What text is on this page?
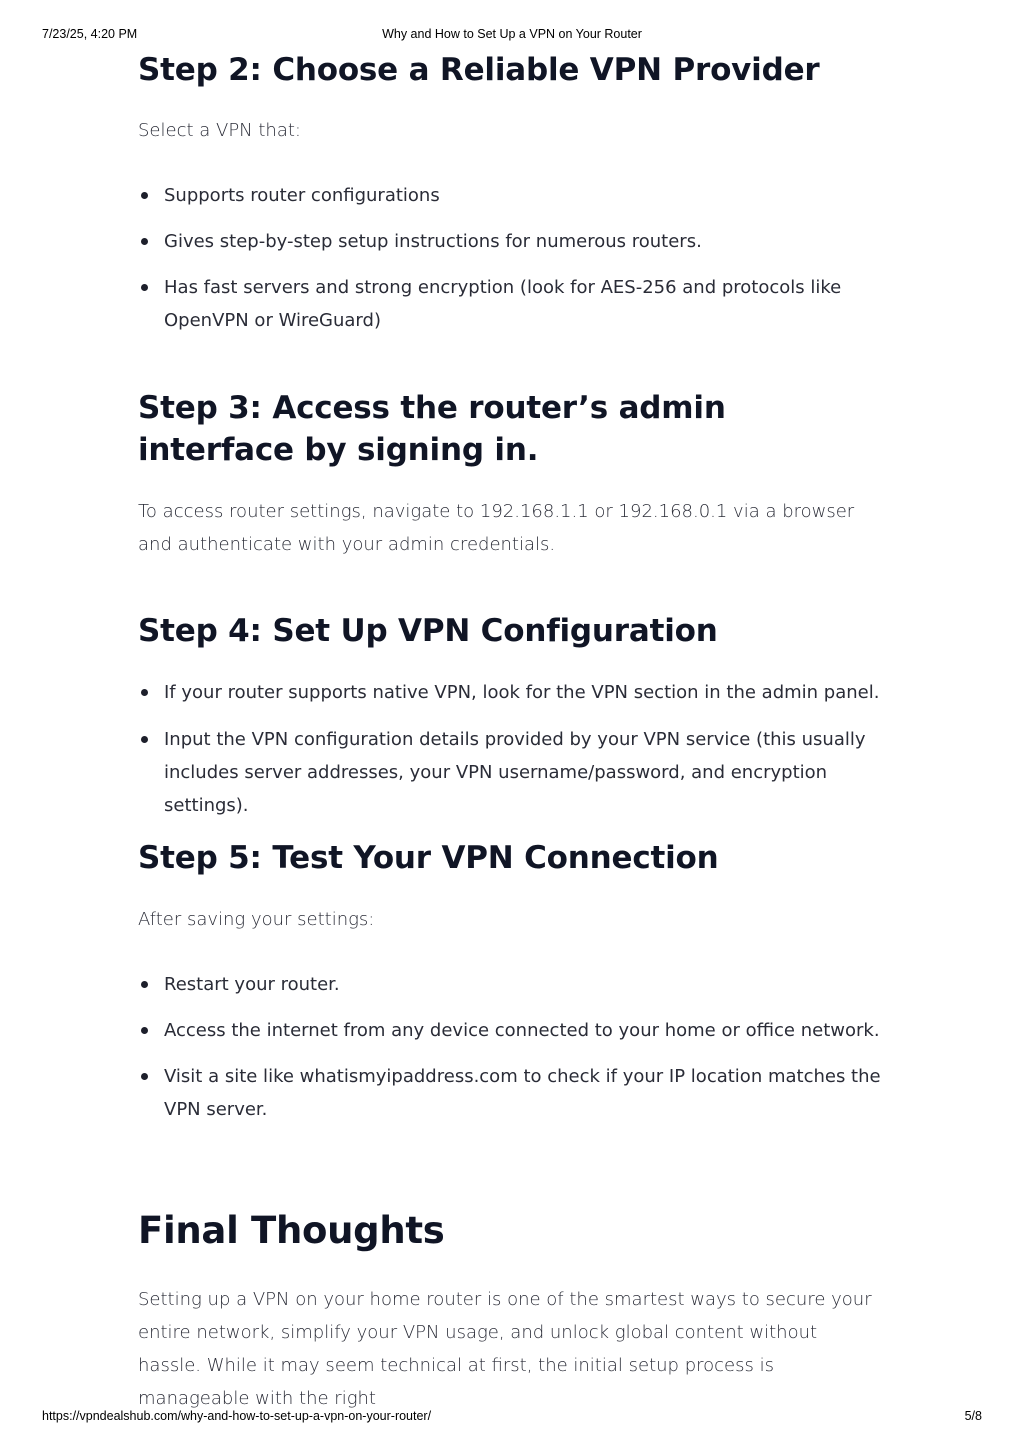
7/23/25, 4:20 PM	Why and How to Set Up a VPN on Your Router
Step 2: Choose a Reliable VPN Provider

Select a VPN that:

Supports router configurations

Gives step-by-step setup instructions for numerous routers.

Has fast servers and strong encryption (look for AES-256 and protocols like OpenVPN or WireGuard)

Step 3: Access the router’s admin interface by signing in.

To access router settings, navigate to 192.168.1.1 or 192.168.0.1 via a browser and authenticate with your admin credentials.

Step 4: Set Up VPN Configuration

If your router supports native VPN, look for the VPN section in the admin panel.

Input the VPN configuration details provided by your VPN service (this usually includes server addresses, your VPN username/password, and encryption settings).

Step 5: Test Your VPN Connection

After saving your settings:

Restart your router.

Access the internet from any device connected to your home or office network.

Visit a site like whatismyipaddress.com to check if your IP location matches the VPN server.

Final Thoughts

Setting up a VPN on your home router is one of the smartest ways to secure your entire network, simplify your VPN usage, and unlock global content without hassle. While it may seem technical at first, the initial setup process is manageable with the right

https://vpndealshub.com/why-and-how-to-set-up-a-vpn-on-your-router/	5/8
